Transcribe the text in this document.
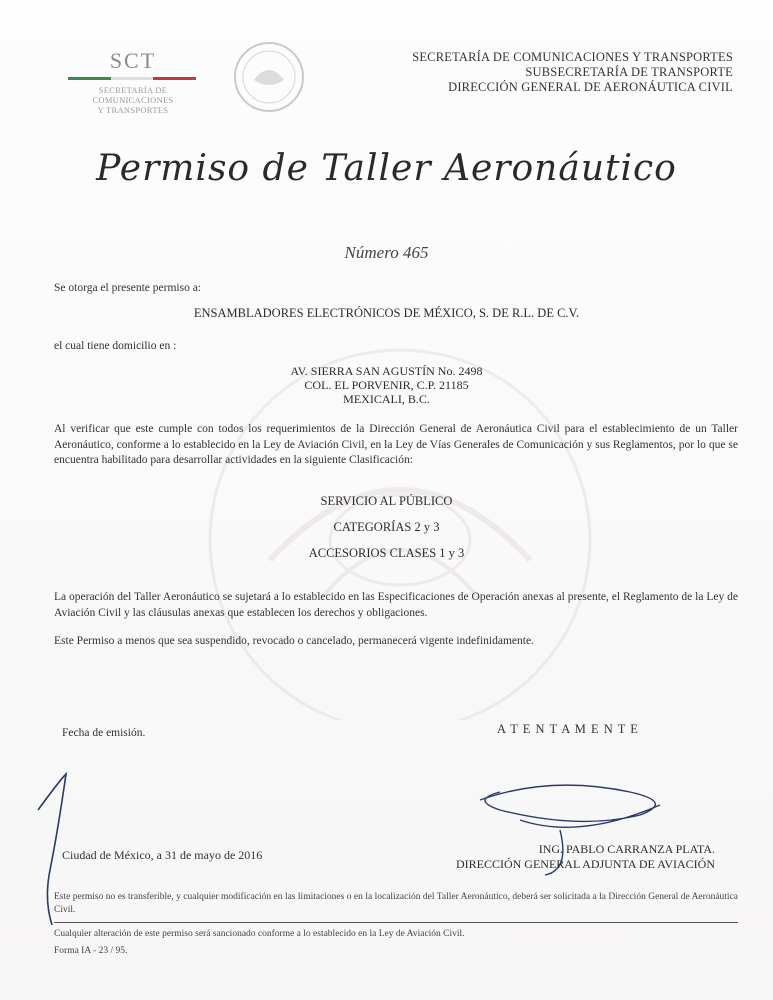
SCT
SECRETARÍA DE
COMUNICACIONES
Y TRANSPORTES
SECRETARÍA DE COMUNICACIONES Y TRANSPORTES
SUBSECRETARÍA DE TRANSPORTE
DIRECCIÓN GENERAL DE AERONÁUTICA CIVIL
Permiso de Taller Aeronáutico
Número 465
Se otorga el presente permiso a:
ENSAMBLADORES ELECTRÓNICOS DE MÉXICO, S. DE R.L. DE C.V.
el cual tiene domicilio en :
AV. SIERRA SAN AGUSTÍN No. 2498
COL. EL PORVENIR, C.P. 21185
MEXICALI, B.C.
Al verificar que este cumple con todos los requerimientos de la Dirección General de Aeronáutica Civil para el establecimiento de un Taller Aeronáutico, conforme a lo establecido en la Ley de Aviación Civil, en la Ley de Vías Generales de Comunicación y sus Reglamentos, por lo que se encuentra habilitado para desarrollar actividades en la siguiente Clasificación:
SERVICIO AL PÚBLICO
CATEGORÍAS 2 y 3
ACCESORIOS CLASES 1 y 3
La operación del Taller Aeronáutico se sujetará a lo establecido en las Especificaciones de Operación anexas al presente, el Reglamento de la Ley de Aviación Civil y las cláusulas anexas que establecen los derechos y obligaciones.
Este Permiso a menos que sea suspendido, revocado o cancelado, permanecerá vigente indefinidamente.
Fecha de emisión.	A T E N T A M E N T E
Ciudad de México, a 31 de mayo de 2016	ING. PABLO CARRANZA PLATA.
DIRECCIÓN GENERAL ADJUNTA DE AVIACIÓN
Este permiso no es transferible, y cualquier modificación en las limitaciones o en la localización del Taller Aeronáutico, deberá ser solicitada a la Dirección General de Aeronáutica Civil.
Cualquier alteración de este permiso será sancionado conforme a lo establecido en la Ley de Aviación Civil.
Forma IA - 23 / 95.
